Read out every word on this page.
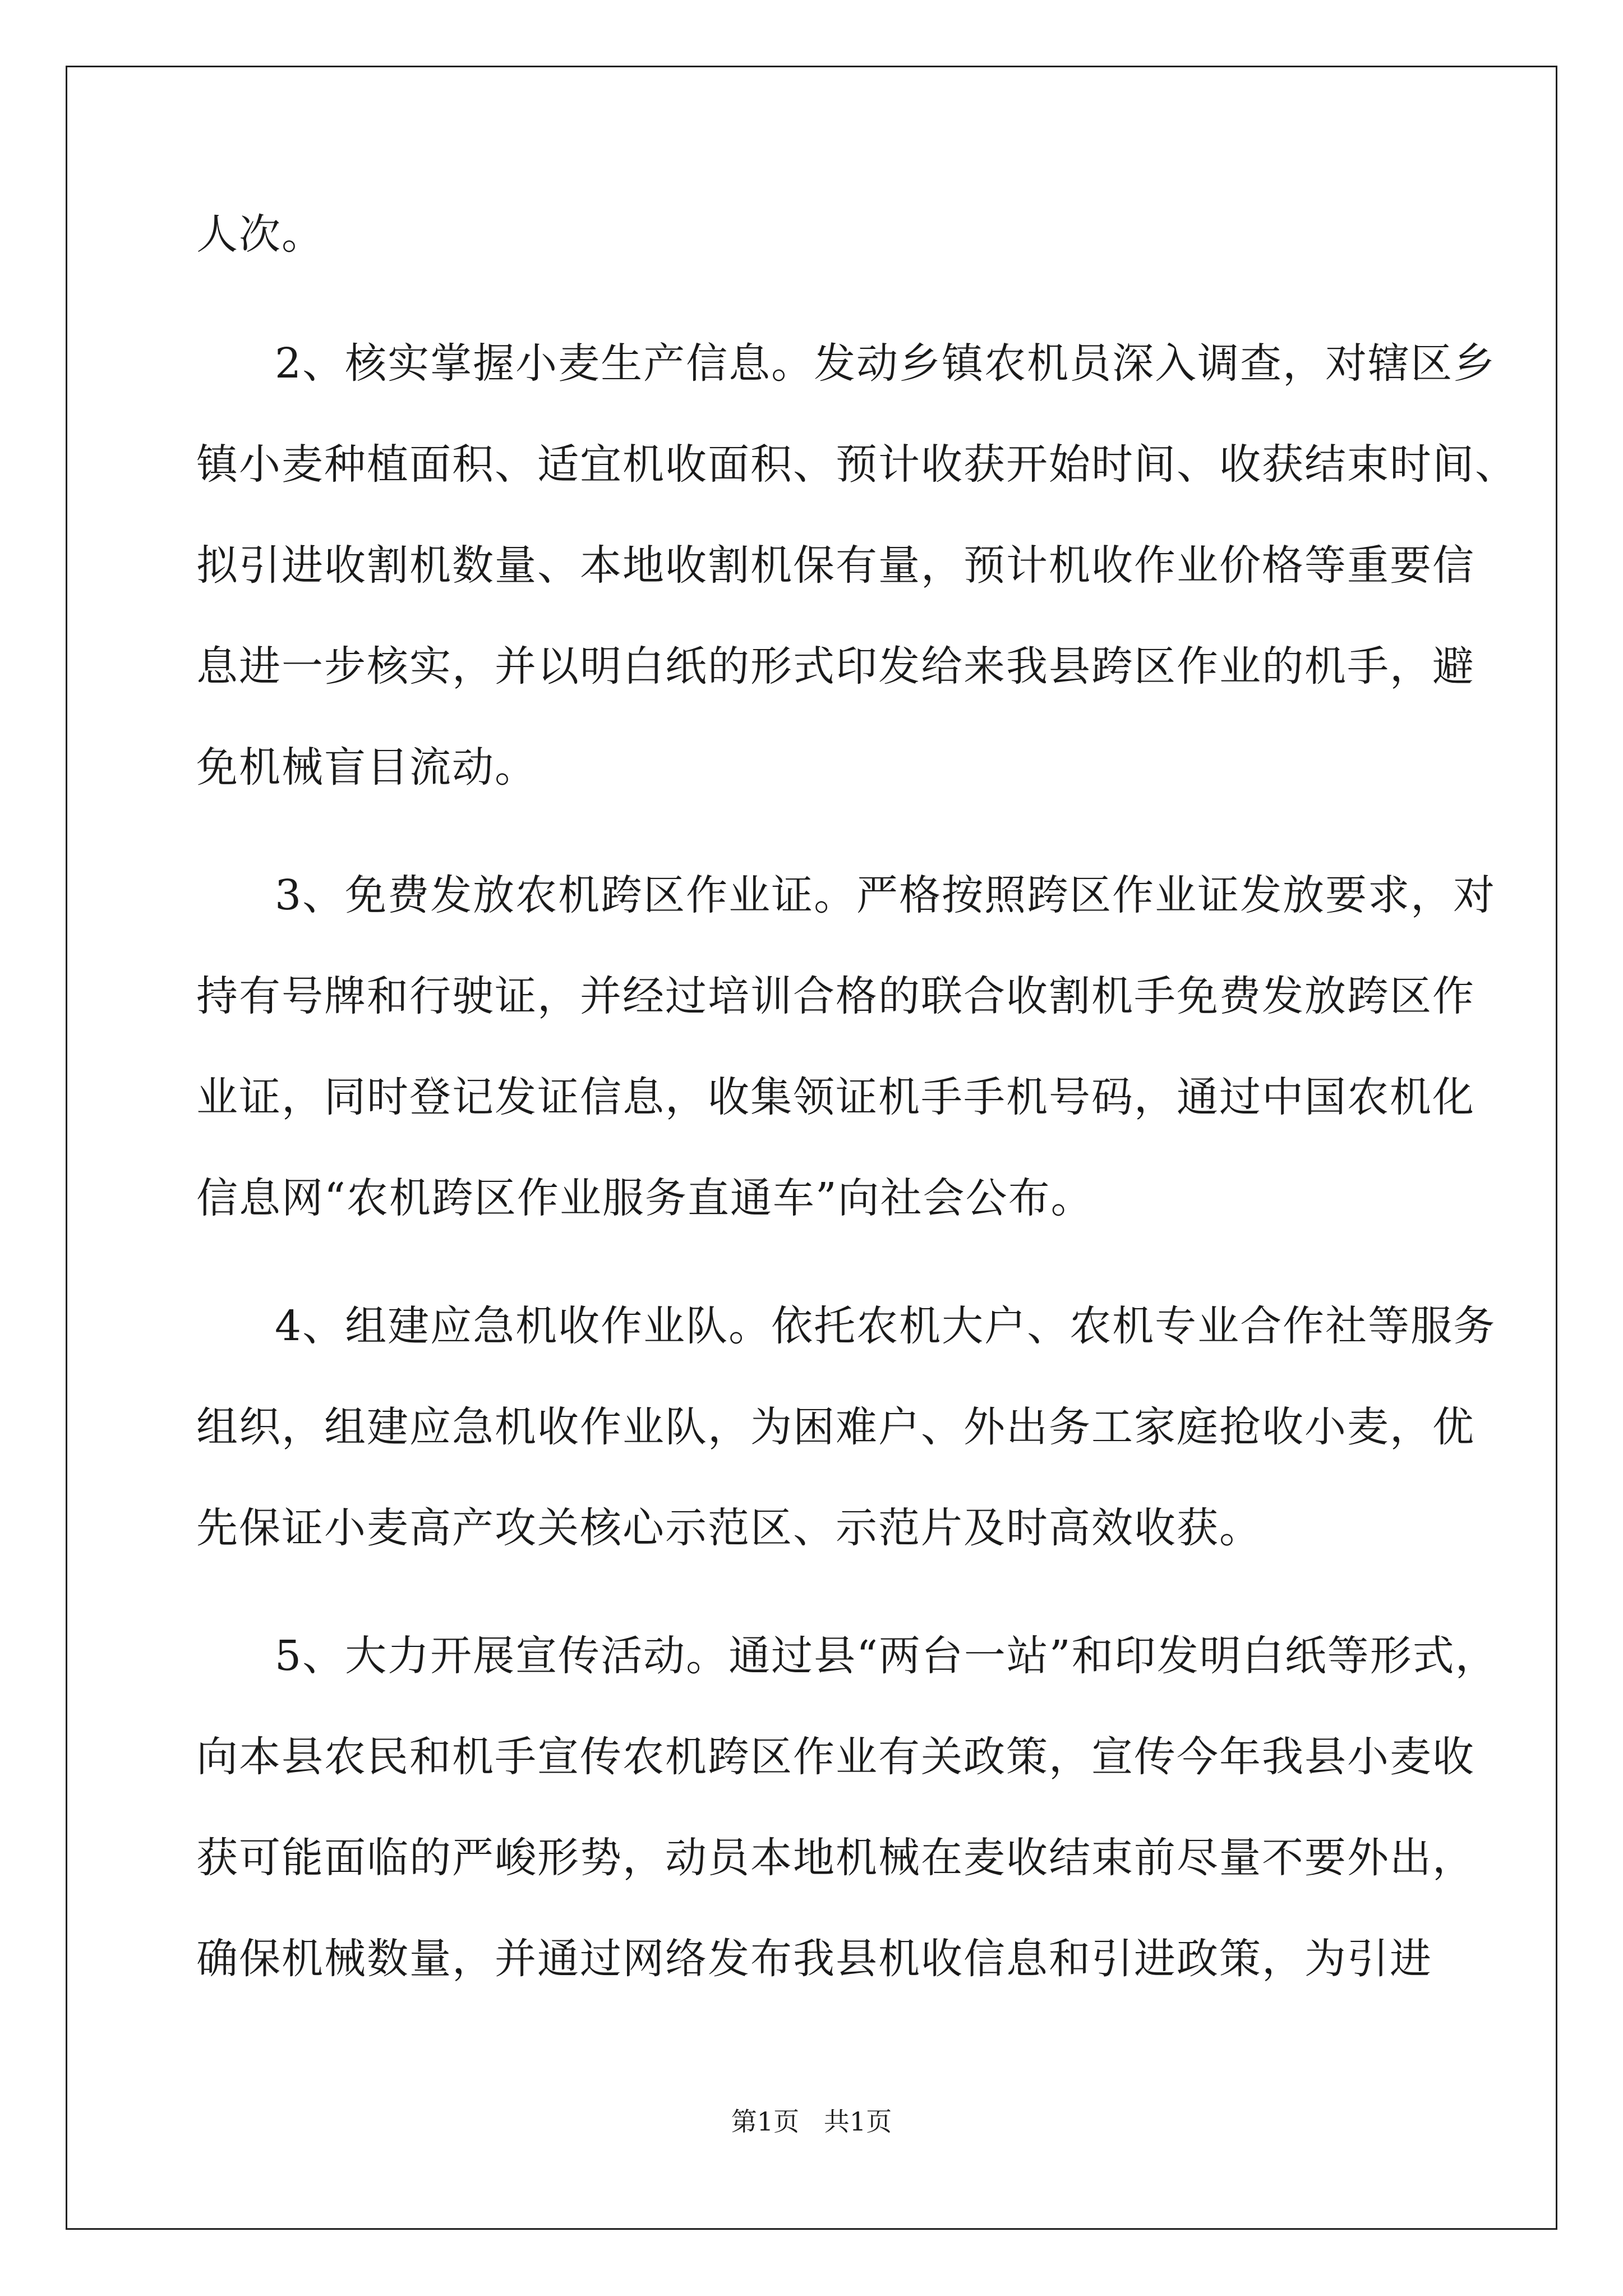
人次。
2、核实掌握小麦生产信息。发动乡镇农机员深入调查，对辖区乡
镇小麦种植面积、适宜机收面积、预计收获开始时间、收获结束时间、
拟引进收割机数量、本地收割机保有量，预计机收作业价格等重要信
息进一步核实，并以明白纸的形式印发给来我县跨区作业的机手，避
免机械盲目流动。
3、免费发放农机跨区作业证。严格按照跨区作业证发放要求，对
持有号牌和行驶证，并经过培训合格的联合收割机手免费发放跨区作
业证，同时登记发证信息，收集领证机手手机号码，通过中国农机化
信息网“农机跨区作业服务直通车”向社会公布。
4、组建应急机收作业队。依托农机大户、农机专业合作社等服务
组织，组建应急机收作业队，为困难户、外出务工家庭抢收小麦，优
先保证小麦高产攻关核心示范区、示范片及时高效收获。
5、大力开展宣传活动。通过县“两台一站”和印发明白纸等形式，
向本县农民和机手宣传农机跨区作业有关政策，宣传今年我县小麦收
获可能面临的严峻形势，动员本地机械在麦收结束前尽量不要外出，
确保机械数量，并通过网络发布我县机收信息和引进政策，为引进
第1页   共1页
